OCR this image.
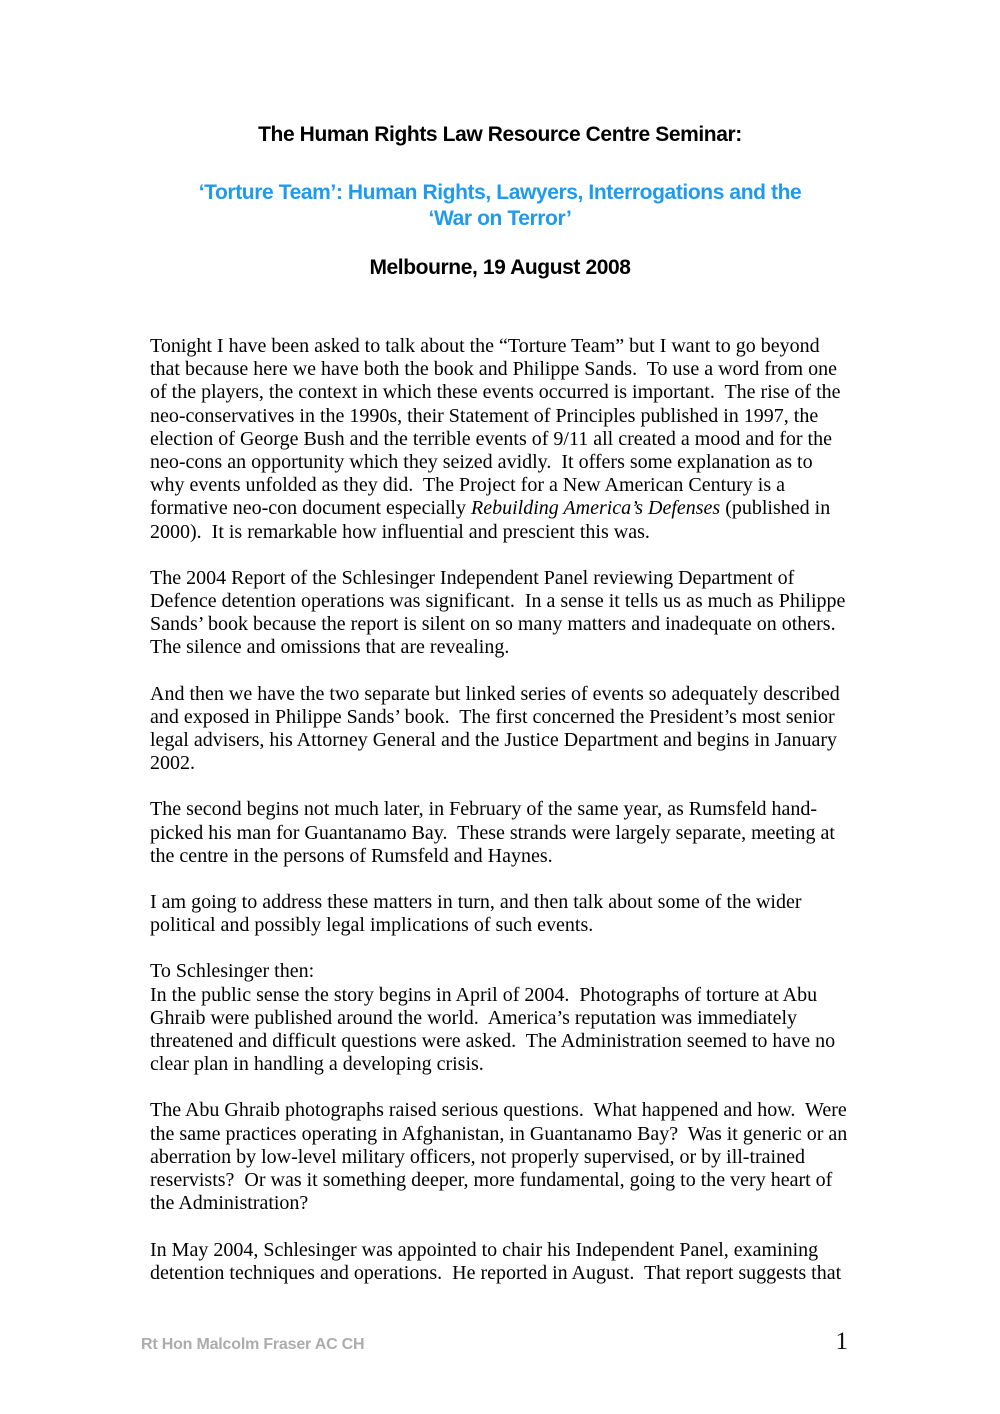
The Human Rights Law Resource Centre Seminar:
‘Torture Team’: Human Rights, Lawyers, Interrogations and the
‘War on Terror’
Melbourne, 19 August 2008

Tonight I have been asked to talk about the “Torture Team” but I want to go beyond that because here we have both the book and Philippe Sands.  To use a word from one of the players, the context in which these events occurred is important.  The rise of the neo-conservatives in the 1990s, their Statement of Principles published in 1997, the election of George Bush and the terrible events of 9/11 all created a mood and for the neo-cons an opportunity which they seized avidly.  It offers some explanation as to why events unfolded as they did.  The Project for a New American Century is a formative neo-con document especially Rebuilding America’s Defenses (published in 2000).  It is remarkable how influential and prescient this was.

The 2004 Report of the Schlesinger Independent Panel reviewing Department of Defence detention operations was significant.  In a sense it tells us as much as Philippe Sands’ book because the report is silent on so many matters and inadequate on others.  The silence and omissions that are revealing.

And then we have the two separate but linked series of events so adequately described and exposed in Philippe Sands’ book.  The first concerned the President’s most senior legal advisers, his Attorney General and the Justice Department and begins in January 2002.

The second begins not much later, in February of the same year, as Rumsfeld hand-picked his man for Guantanamo Bay.  These strands were largely separate, meeting at the centre in the persons of Rumsfeld and Haynes.

I am going to address these matters in turn, and then talk about some of the wider political and possibly legal implications of such events.

To Schlesinger then:
In the public sense the story begins in April of 2004.  Photographs of torture at Abu Ghraib were published around the world.  America’s reputation was immediately threatened and difficult questions were asked.  The Administration seemed to have no clear plan in handling a developing crisis.

The Abu Ghraib photographs raised serious questions.  What happened and how.  Were the same practices operating in Afghanistan, in Guantanamo Bay?  Was it generic or an aberration by low-level military officers, not properly supervised, or by ill-trained reservists?  Or was it something deeper, more fundamental, going to the very heart of the Administration?

In May 2004, Schlesinger was appointed to chair his Independent Panel, examining detention techniques and operations.  He reported in August.  That report suggests that

Rt Hon Malcolm Fraser AC CH	1
